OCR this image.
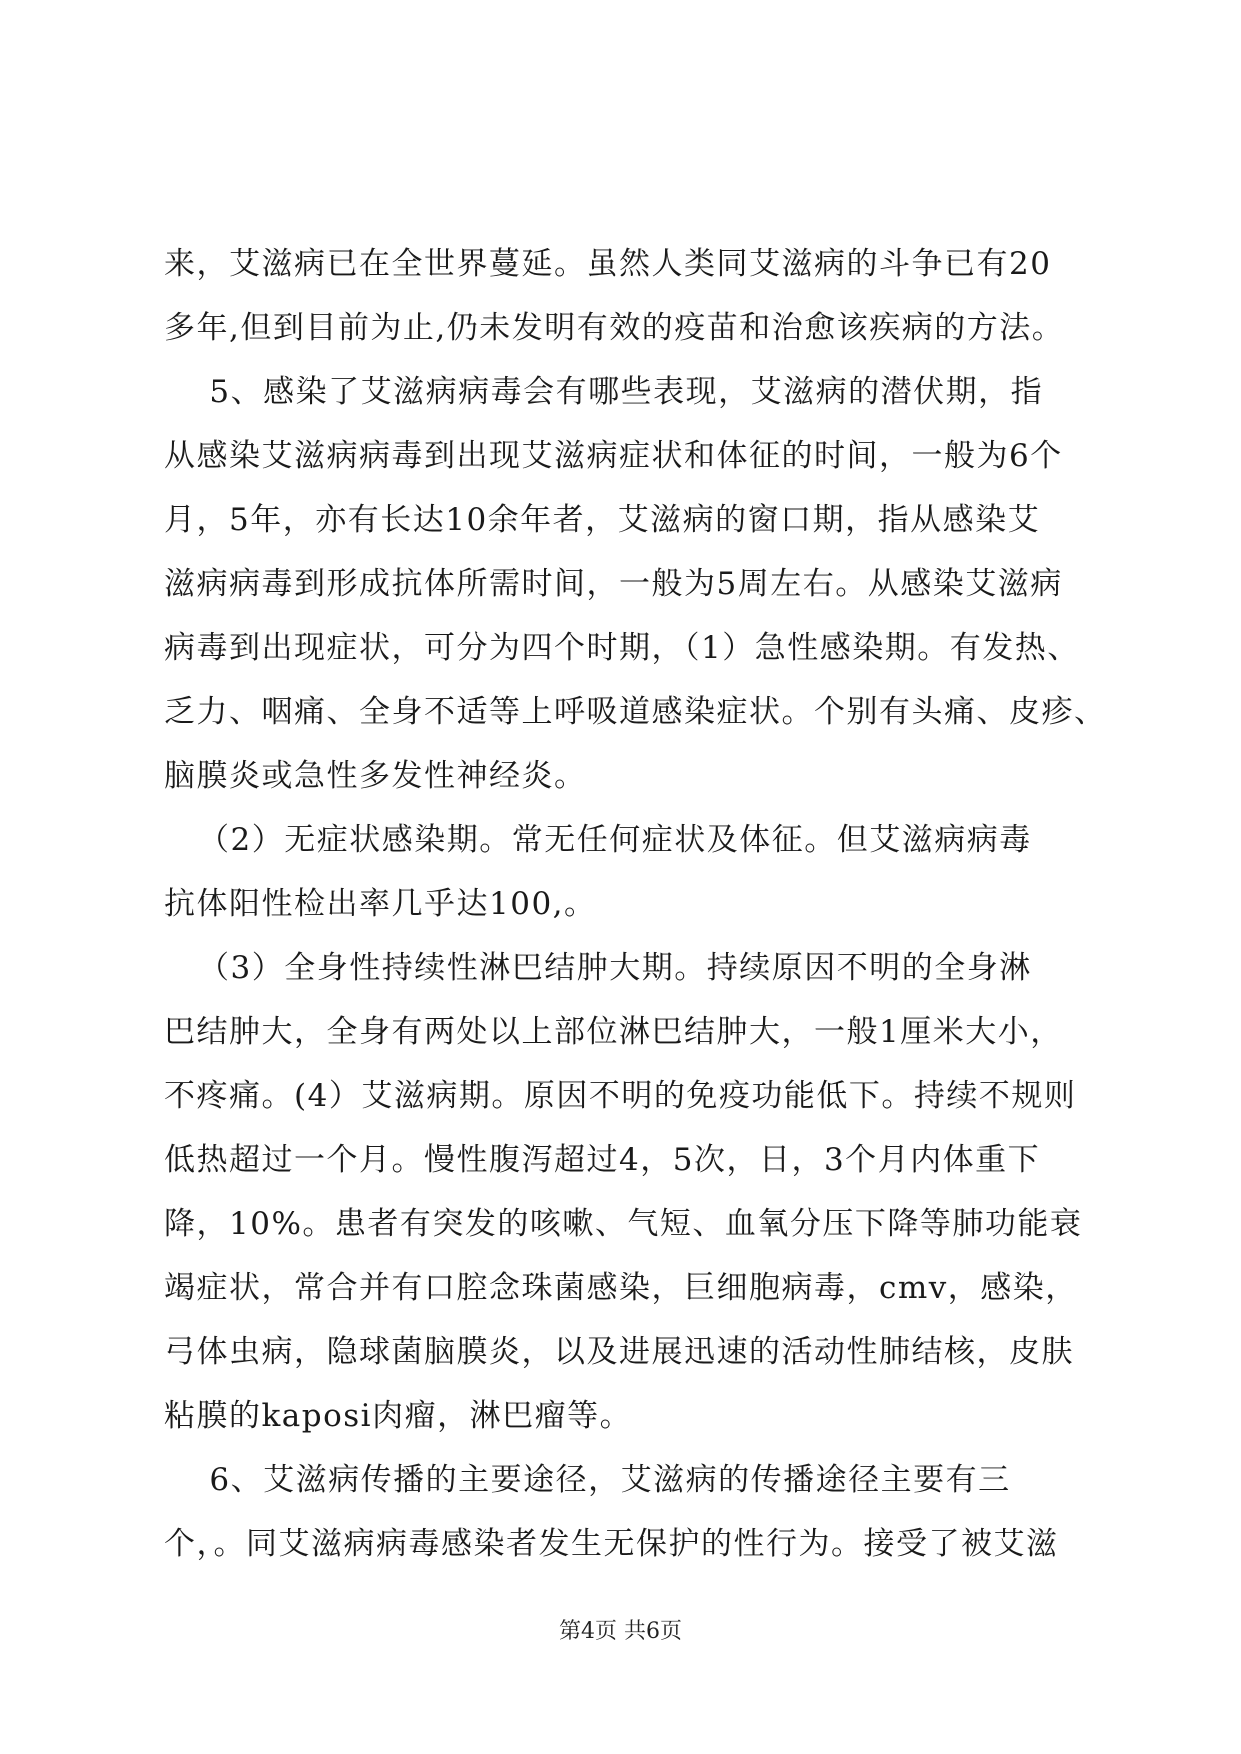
来，艾滋病已在全世界蔓延。虽然人类同艾滋病的斗争已有20
多年,但到目前为止,仍未发明有效的疫苗和治愈该疾病的方法。
5、感染了艾滋病病毒会有哪些表现，艾滋病的潜伏期，指
从感染艾滋病病毒到出现艾滋病症状和体征的时间，一般为6个
月，5年，亦有长达10余年者，艾滋病的窗口期，指从感染艾
滋病病毒到形成抗体所需时间，一般为5周左右。从感染艾滋病
病毒到出现症状，可分为四个时期，（1）急性感染期。有发热、
乏力、咽痛、全身不适等上呼吸道感染症状。个别有头痛、皮疹、
脑膜炎或急性多发性神经炎。
（2）无症状感染期。常无任何症状及体征。但艾滋病病毒
抗体阳性检出率几乎达100,。
（3）全身性持续性淋巴结肿大期。持续原因不明的全身淋
巴结肿大，全身有两处以上部位淋巴结肿大，一般1厘米大小，
不疼痛。(4）艾滋病期。原因不明的免疫功能低下。持续不规则
低热超过一个月。慢性腹泻超过4，5次，日，3个月内体重下
降，10%。患者有突发的咳嗽、气短、血氧分压下降等肺功能衰
竭症状，常合并有口腔念珠菌感染，巨细胞病毒，cmv，感染，
弓体虫病，隐球菌脑膜炎，以及进展迅速的活动性肺结核，皮肤
粘膜的kaposi肉瘤，淋巴瘤等。
6、艾滋病传播的主要途径，艾滋病的传播途径主要有三
个，。同艾滋病病毒感染者发生无保护的性行为。接受了被艾滋
第4页 共6页
